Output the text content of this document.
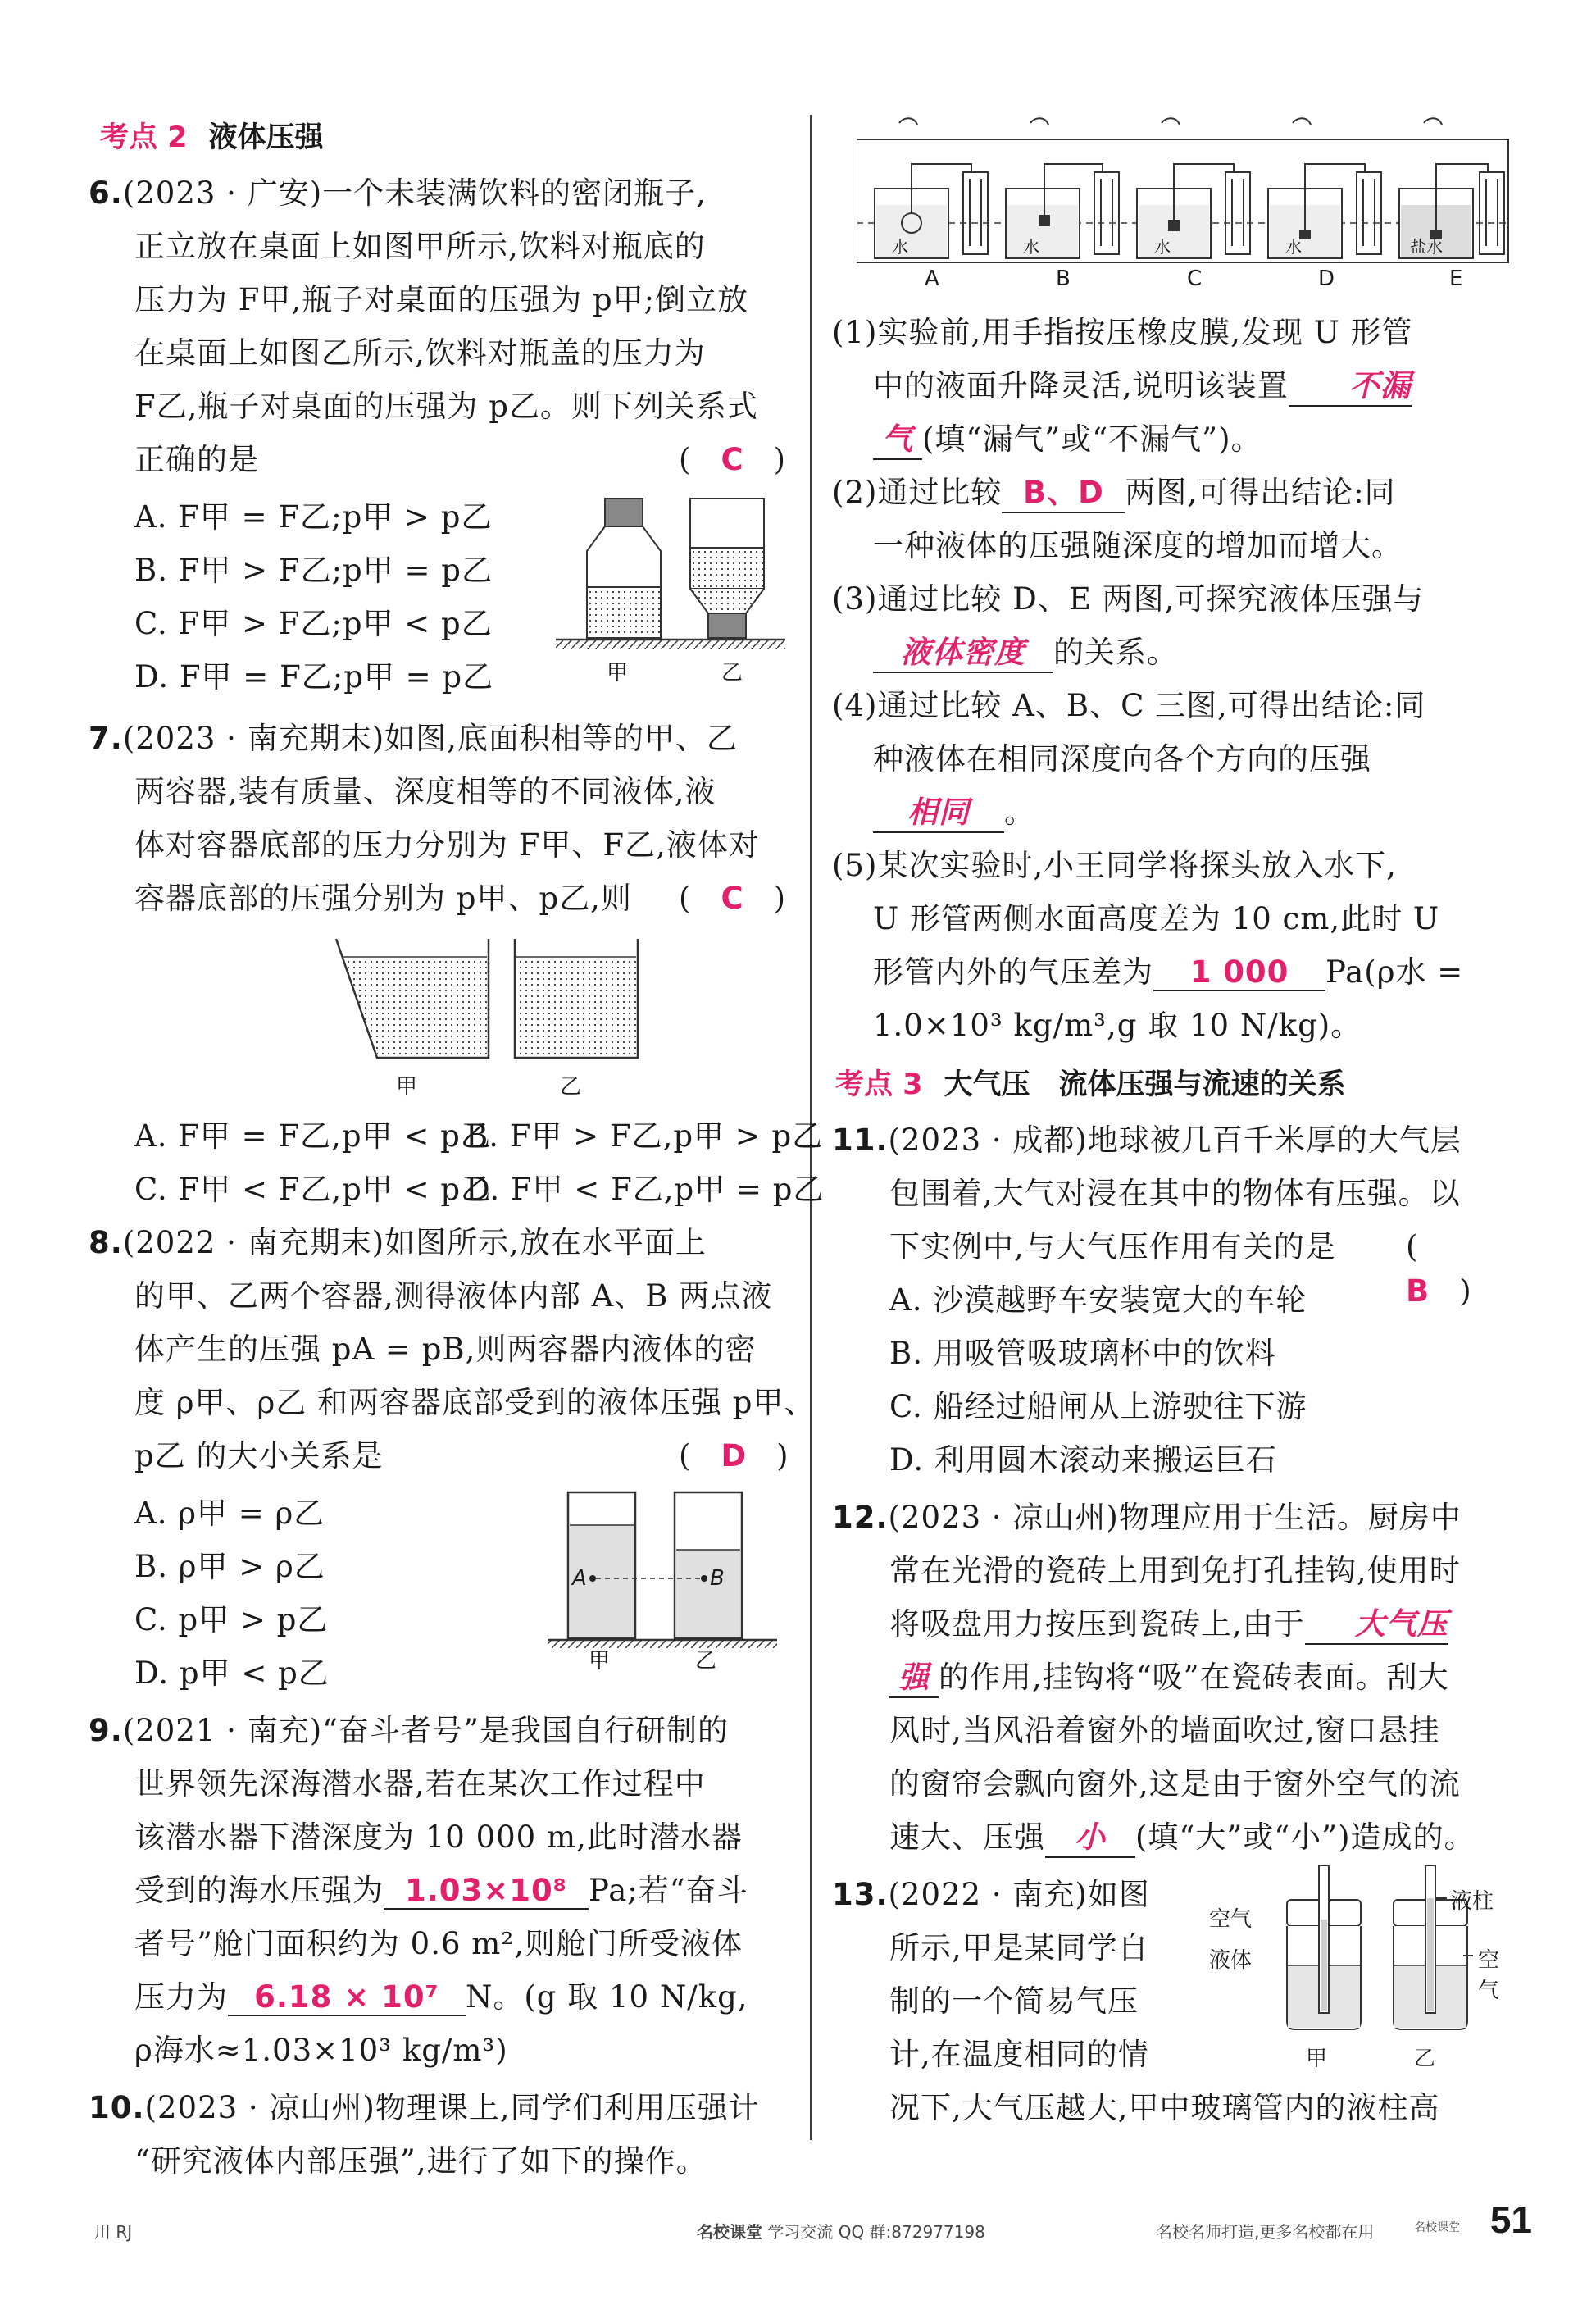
考点 2 液体压强
6.(2023 · 广安)一个未装满饮料的密闭瓶子,
正立放在桌面上如图甲所示,饮料对瓶底的
压力为 F甲,瓶子对桌面的压强为 p甲;倒立放
在桌面上如图乙所示,饮料对瓶盖的压力为
F乙,瓶子对桌面的压强为 p乙。则下列关系式
正确的是	(　C　)
A. F甲 = F乙;p甲 > p乙
B. F甲 > F乙;p甲 = p乙
C. F甲 > F乙;p甲 < p乙
D. F甲 = F乙;p甲 = p乙	甲	乙
7.(2023 · 南充期末)如图,底面积相等的甲、乙
两容器,装有质量、深度相等的不同液体,液
体对容器底部的压力分别为 F甲、F乙,液体对
容器底部的压强分别为 p甲、p乙,则 (　C　)
甲	乙
A. F甲 = F乙,p甲 < p乙
B. F甲 > F乙,p甲 > p乙
C. F甲 < F乙,p甲 < p乙
D. F甲 < F乙,p甲 = p乙
8.(2022 · 南充期末)如图所示,放在水平面上
的甲、乙两个容器,测得液体内部 A、B 两点液
体产生的压强 pA = pB,则两容器内液体的密
度 ρ甲、ρ乙 和两容器底部受到的液体压强 p甲、
p乙 的大小关系是	(　D　)
A. ρ甲 = ρ乙
B. ρ甲 > ρ乙
C. p甲 > p乙
D. p甲 < p乙
A	B
甲	乙
9.(2021 · 南充)“奋斗者号”是我国自行研制的
世界领先深海潜水器,若在某次工作过程中
该潜水器下潜深度为 10 000 m,此时潜水器
受到的海水压强为 1.03×10⁸ Pa;若“奋斗
者号”舱门面积约为 0.6 m²,则舱门所受液体
压力为 6.18 × 10⁷ N。(g 取 10 N/kg,
ρ海水≈1.03×10³ kg/m³)
10.(2023 · 凉山州)物理课上,同学们利用压强计
“研究液体内部压强”,进行了如下的操作。
水	水	水	水	盐水
A	B	C	D	E
(1)实验前,用手指按压橡皮膜,发现 U 形管
中的液面升降灵活,说明该装置 不漏
气 (填“漏气”或“不漏气”)。
(2)通过比较 B、D 两图,可得出结论:同
一种液体的压强随深度的增加而增大。
(3)通过比较 D、E 两图,可探究液体压强与
液体密度 的关系。
(4)通过比较 A、B、C 三图,可得出结论:同
种液体在相同深度向各个方向的压强
相同 。
(5)某次实验时,小王同学将探头放入水下,
U 形管两侧水面高度差为 10 cm,此时 U
形管内外的气压差为 1 000 Pa(ρ水 =
1.0×10³ kg/m³,g 取 10 N/kg)。
考点 3 大气压　流体压强与流速的关系
11.(2023 · 成都)地球被几百千米厚的大气层
包围着,大气对浸在其中的物体有压强。以
下实例中,与大气压作用有关的是 (　B　)
A. 沙漠越野车安装宽大的车轮
B. 用吸管吸玻璃杯中的饮料
C. 船经过船闸从上游驶往下游
D. 利用圆木滚动来搬运巨石
12.(2023 · 凉山州)物理应用于生活。厨房中
常在光滑的瓷砖上用到免打孔挂钩,使用时
将吸盘用力按压到瓷砖上,由于 大气压
强 的作用,挂钩将“吸”在瓷砖表面。刮大
风时,当风沿着窗外的墙面吹过,窗口悬挂
的窗帘会飘向窗外,这是由于窗外空气的流
速大、压强 小 (填“大”或“小”)造成的。
13.(2022 · 南充)如图
所示,甲是某同学自
制的一个简易气压
计,在温度相同的情
况下,大气压越大,甲中玻璃管内的液柱高
空气
液体
液柱
空气
甲	乙
川 RJ	名校课堂 学习交流 QQ 群:872977198	名校名师打造,更多名校都在用	名校课堂 51
